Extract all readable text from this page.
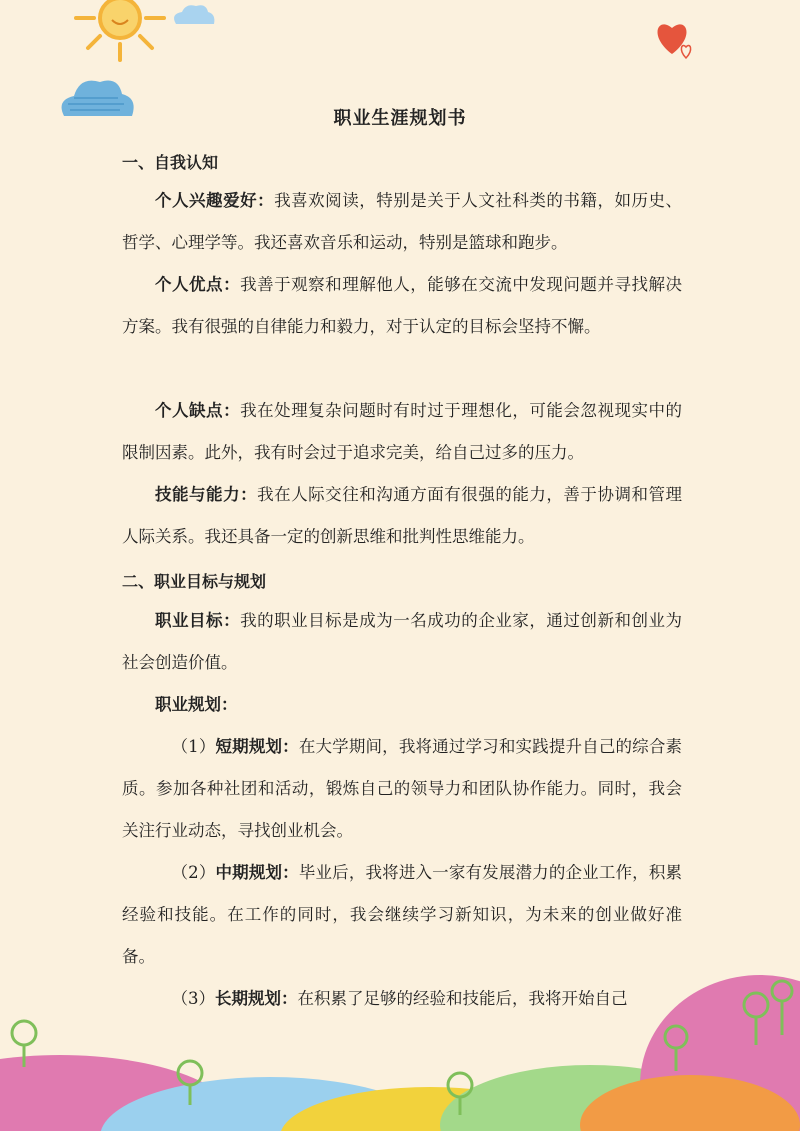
职业生涯规划书
一、自我认知
个人兴趣爱好：我喜欢阅读，特别是关于人文社科类的书籍，如历史、哲学、心理学等。我还喜欢音乐和运动，特别是篮球和跑步。
个人优点：我善于观察和理解他人，能够在交流中发现问题并寻找解决方案。我有很强的自律能力和毅力，对于认定的目标会坚持不懈。
个人缺点：我在处理复杂问题时有时过于理想化，可能会忽视现实中的限制因素。此外，我有时会过于追求完美，给自己过多的压力。
技能与能力：我在人际交往和沟通方面有很强的能力，善于协调和管理人际关系。我还具备一定的创新思维和批判性思维能力。
二、职业目标与规划
职业目标：我的职业目标是成为一名成功的企业家，通过创新和创业为社会创造价值。
职业规划：
（1）短期规划：在大学期间，我将通过学习和实践提升自己的综合素质。参加各种社团和活动，锻炼自己的领导力和团队协作能力。同时，我会关注行业动态，寻找创业机会。
（2）中期规划：毕业后，我将进入一家有发展潜力的企业工作，积累经验和技能。在工作的同时，我会继续学习新知识，为未来的创业做好准备。
（3）长期规划：在积累了足够的经验和技能后，我将开始自己
